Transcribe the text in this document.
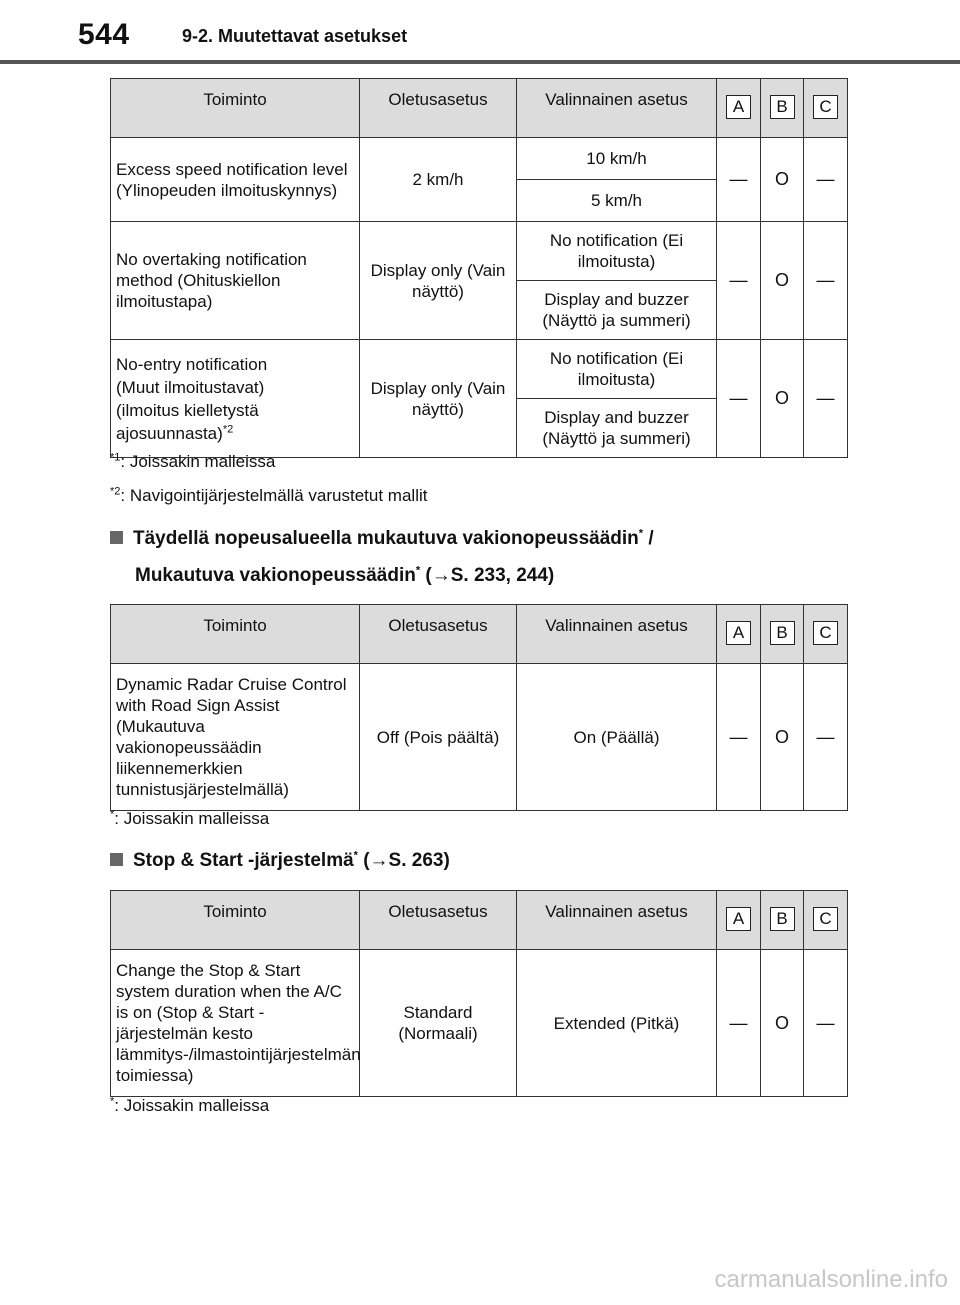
544	9-2. Muutettavat asetukset
Toiminto	Oletusasetus	Valinnainen asetus	A	B	C
Excess speed notification level (Ylinopeuden ilmoituskynnys)	2 km/h	10 km/h	—	O	—
		5 km/h			
No overtaking notification method (Ohituskiellon ilmoitustapa)	Display only (Vain näyttö)	No notification (Ei ilmoitusta)	—	O	—
		Display and buzzer (Näyttö ja summeri)			

No-entry notification
(Muut ilmoitustavat)
(ilmoitus kielletystä
ajosuunnasta)$^{*2}$	Display only (Vain näyttö)	No notification (Ei ilmoitusta)	—	O	—
		Display and buzzer (Näyttö ja summeri)			
$^{*1}$: Joissakin malleissa
$^{*2}$: Navigointijärjestelmällä varustetut mallit
Täydellä nopeusalueella mukautuva vakionopeussäädin* /
Mukautuva vakionopeussäädin* (→S. 233, 244)
Toiminto	Oletusasetus	Valinnainen asetus	A	B	C
Dynamic Radar Cruise Control with Road Sign Assist (Mukautuva vakionopeussäädin liikennemerkkien tunnistusjärjestelmällä)	Off (Pois päältä)	On (Päällä)	—	O	—
*: Joissakin malleissa
Stop & Start -järjestelmä* (→S. 263)
Toiminto	Oletusasetus	Valinnainen asetus	A	B	C
Change the Stop & Start system duration when the A/C is on (Stop & Start -järjestelmän kesto lämmitys-/ilmastointijärjestelmän toimiessa)	Standard (Normaali)	Extended (Pitkä)	—	O	—
*: Joissakin malleissa
carmanualsonline.info
